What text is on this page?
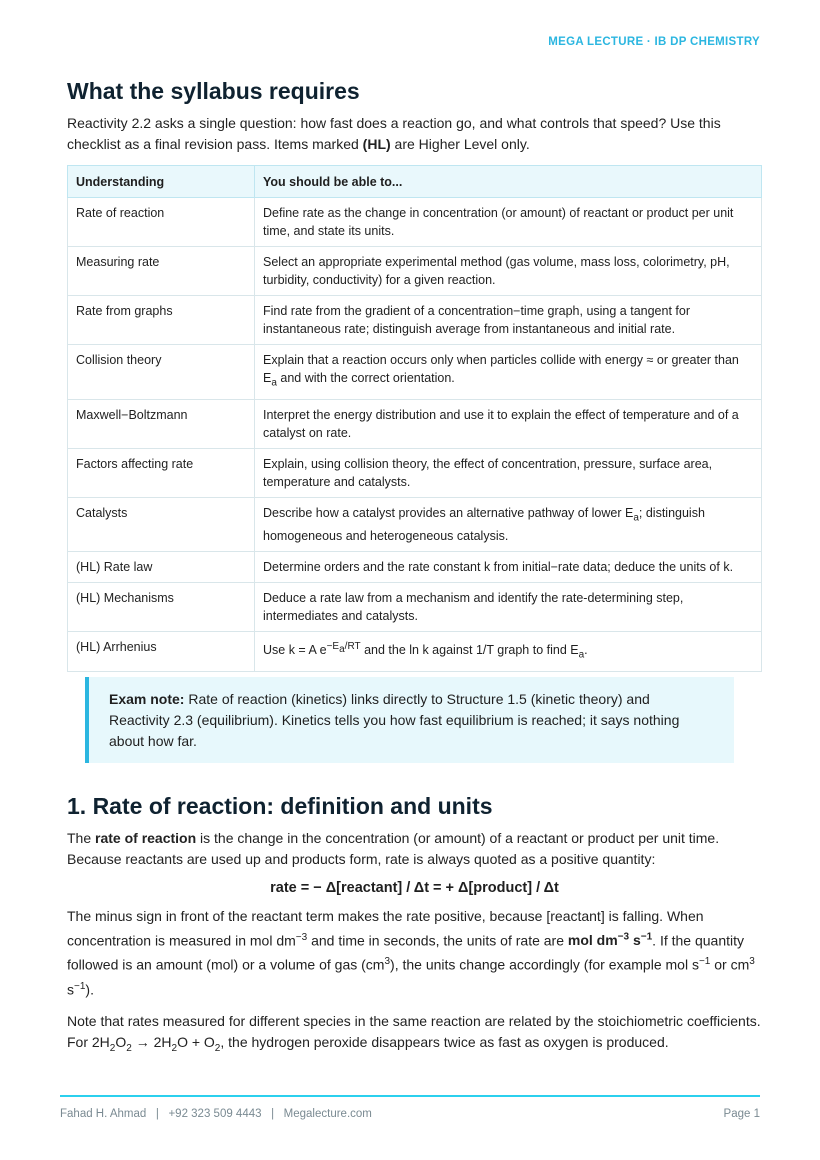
MEGA LECTURE · IB DP CHEMISTRY
What the syllabus requires

Reactivity 2.2 asks a single question: how fast does a reaction go, and what controls that speed? Use this checklist as a final revision pass. Items marked (HL) are Higher Level only.

Understanding	You should be able to...
Rate of reaction	Define rate as the change in concentration (or amount) of reactant or product per unit time, and state its units.
Measuring rate	Select an appropriate experimental method (gas volume, mass loss, colorimetry, pH, turbidity, conductivity) for a given reaction.
Rate from graphs	Find rate from the gradient of a concentration−time graph, using a tangent for instantaneous rate; distinguish average from instantaneous and initial rate.
Collision theory	Explain that a reaction occurs only when particles collide with energy ≈ or greater than $E_a$ and with the correct orientation.
Maxwell−Boltzmann	Interpret the energy distribution and use it to explain the effect of temperature and of a catalyst on rate.
Factors affecting rate	Explain, using collision theory, the effect of concentration, pressure, surface area, temperature and catalysts.
Catalysts	Describe how a catalyst provides an alternative pathway of lower $E_a$; distinguish homogeneous and heterogeneous catalysis.
(HL) Rate law	Determine orders and the rate constant k from initial−rate data; deduce the units of k.
(HL) Mechanisms	Deduce a rate law from a mechanism and identify the rate-determining step, intermediates and catalysts.
(HL) Arrhenius	Use k = A $e^{-E_a/RT}$ and the ln k against 1/T graph to find $E_a$.
Exam note: Rate of reaction (kinetics) links directly to Structure 1.5 (kinetic theory) and Reactivity 2.3 (equilibrium). Kinetics tells you how fast equilibrium is reached; it says nothing about how far.
1. Rate of reaction: definition and units

The rate of reaction is the change in the concentration (or amount) of a reactant or product per unit time. Because reactants are used up and products form, rate is always quoted as a positive quantity:

rate = − Δ[reactant] / Δt = + Δ[product] / Δt

The minus sign in front of the reactant term makes the rate positive, because [reactant] is falling. When concentration is measured in mol $dm^{-3}$ and time in seconds, the units of rate are mol $dm^{-3}$ $s^{-1}$. If the quantity followed is an amount (mol) or a volume of gas $(cm^3)$, the units change accordingly (for example mol $s^{-1}$ or $cm^3$ $s^{-1}$).

Note that rates measured for different species in the same reaction are related by the stoichiometric coefficients. For $2H_2O_2 \to 2H_2O + O_2$, the hydrogen peroxide disappears twice as fast as oxygen is produced.

Fahad H. Ahmad   |   +92 323 509 4443   |   Megalecture.com	Page 1
